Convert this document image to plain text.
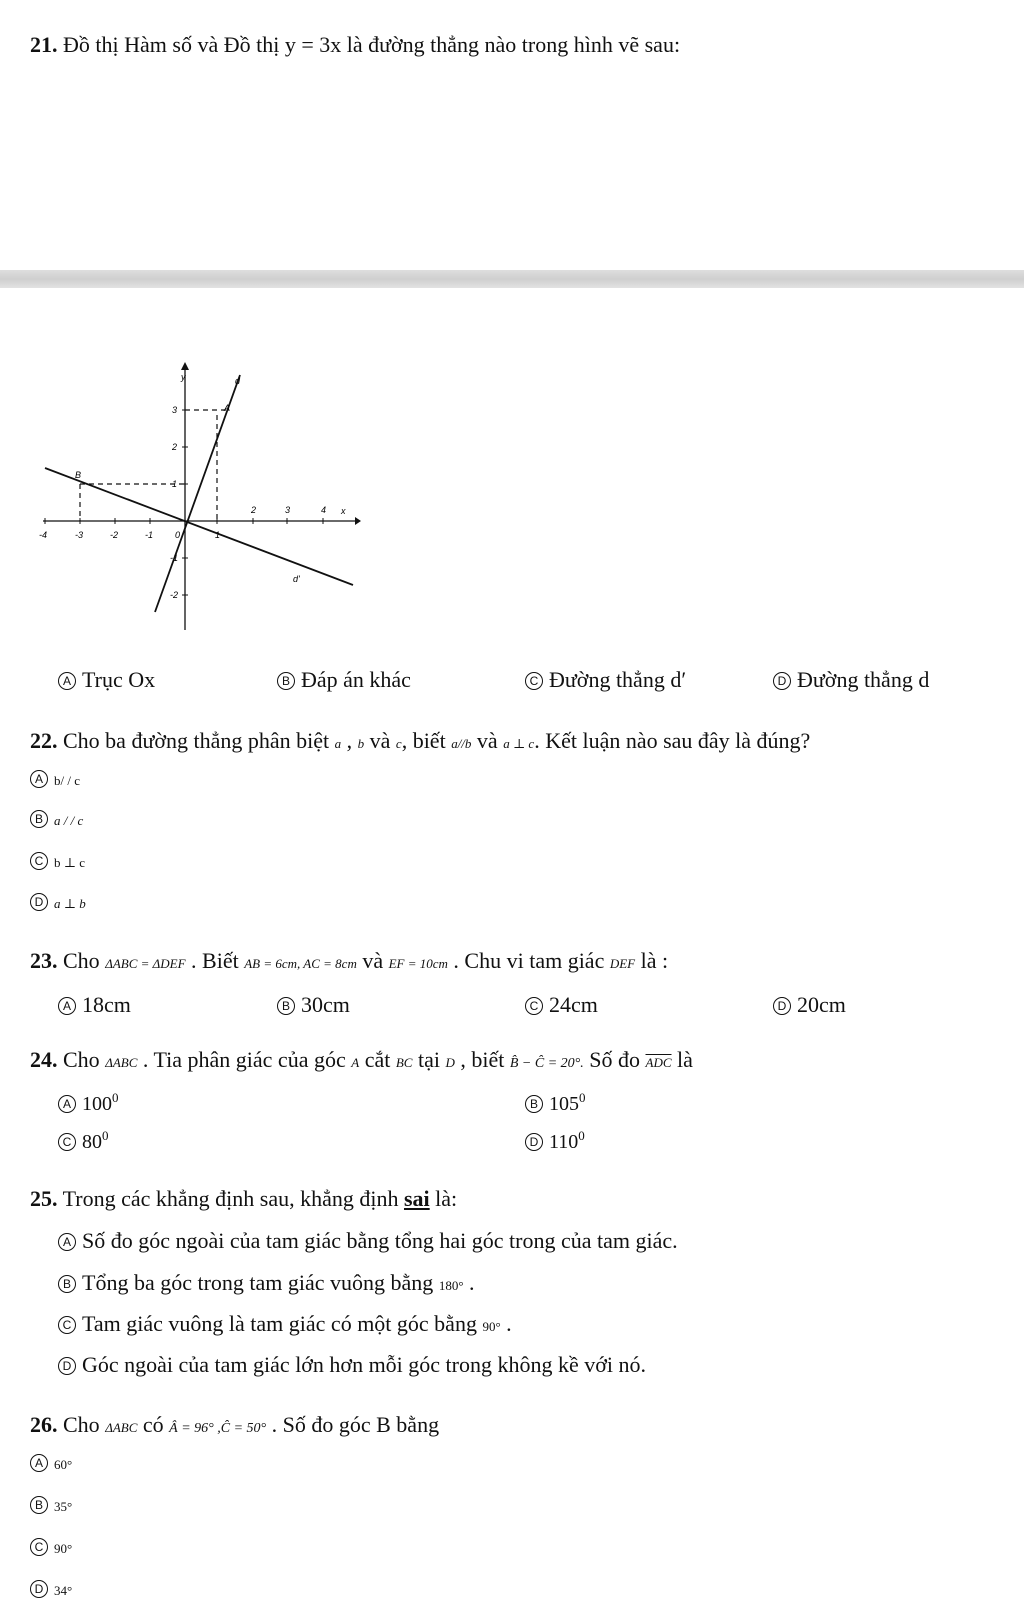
21. Đồ thị Hàm số và Đồ thị y = 3x là đường thẳng nào trong hình vẽ sau:
y
x
d
d'
A
B
0
-4	-3	-2	-1	1
2	3	4
3
2
1
-1
-2
A Trục Ox	B Đáp án khác	C Đường thẳng d′	D Đường thẳng d
22. Cho ba đường thẳng phân biệt a , b và c, biết a//b và a ⊥ c. Kết luận nào sau đây là đúng?
A b/ / c
B a / / c
C b ⊥ c
D a ⊥ b
23. Cho ΔABC = ΔDEF . Biết AB = 6cm, AC = 8cm và EF = 10cm . Chu vi tam giác DEF là :
A 18cm	B 30cm	C 24cm	D 20cm
24. Cho ΔABC . Tia phân giác của góc A cắt BC tại D , biết B̂ − Ĉ = 20°. Số đo $\overline{ADC}$ là
A $100^0$	B $105^0$
C $80^0$	D $110^0$
25. Trong các khẳng định sau, khẳng định sai là:
A Số đo góc ngoài của tam giác bằng tổng hai góc trong của tam giác.
B Tổng ba góc trong tam giác vuông bằng 180° .
C Tam giác vuông là tam giác có một góc bằng 90° .
D Góc ngoài của tam giác lớn hơn mỗi góc trong không kề với nó.
26. Cho ΔABC có Â = 96° ,Ĉ = 50° . Số đo góc B bằng
A 60°
B 35°
C 90°
D 34°
